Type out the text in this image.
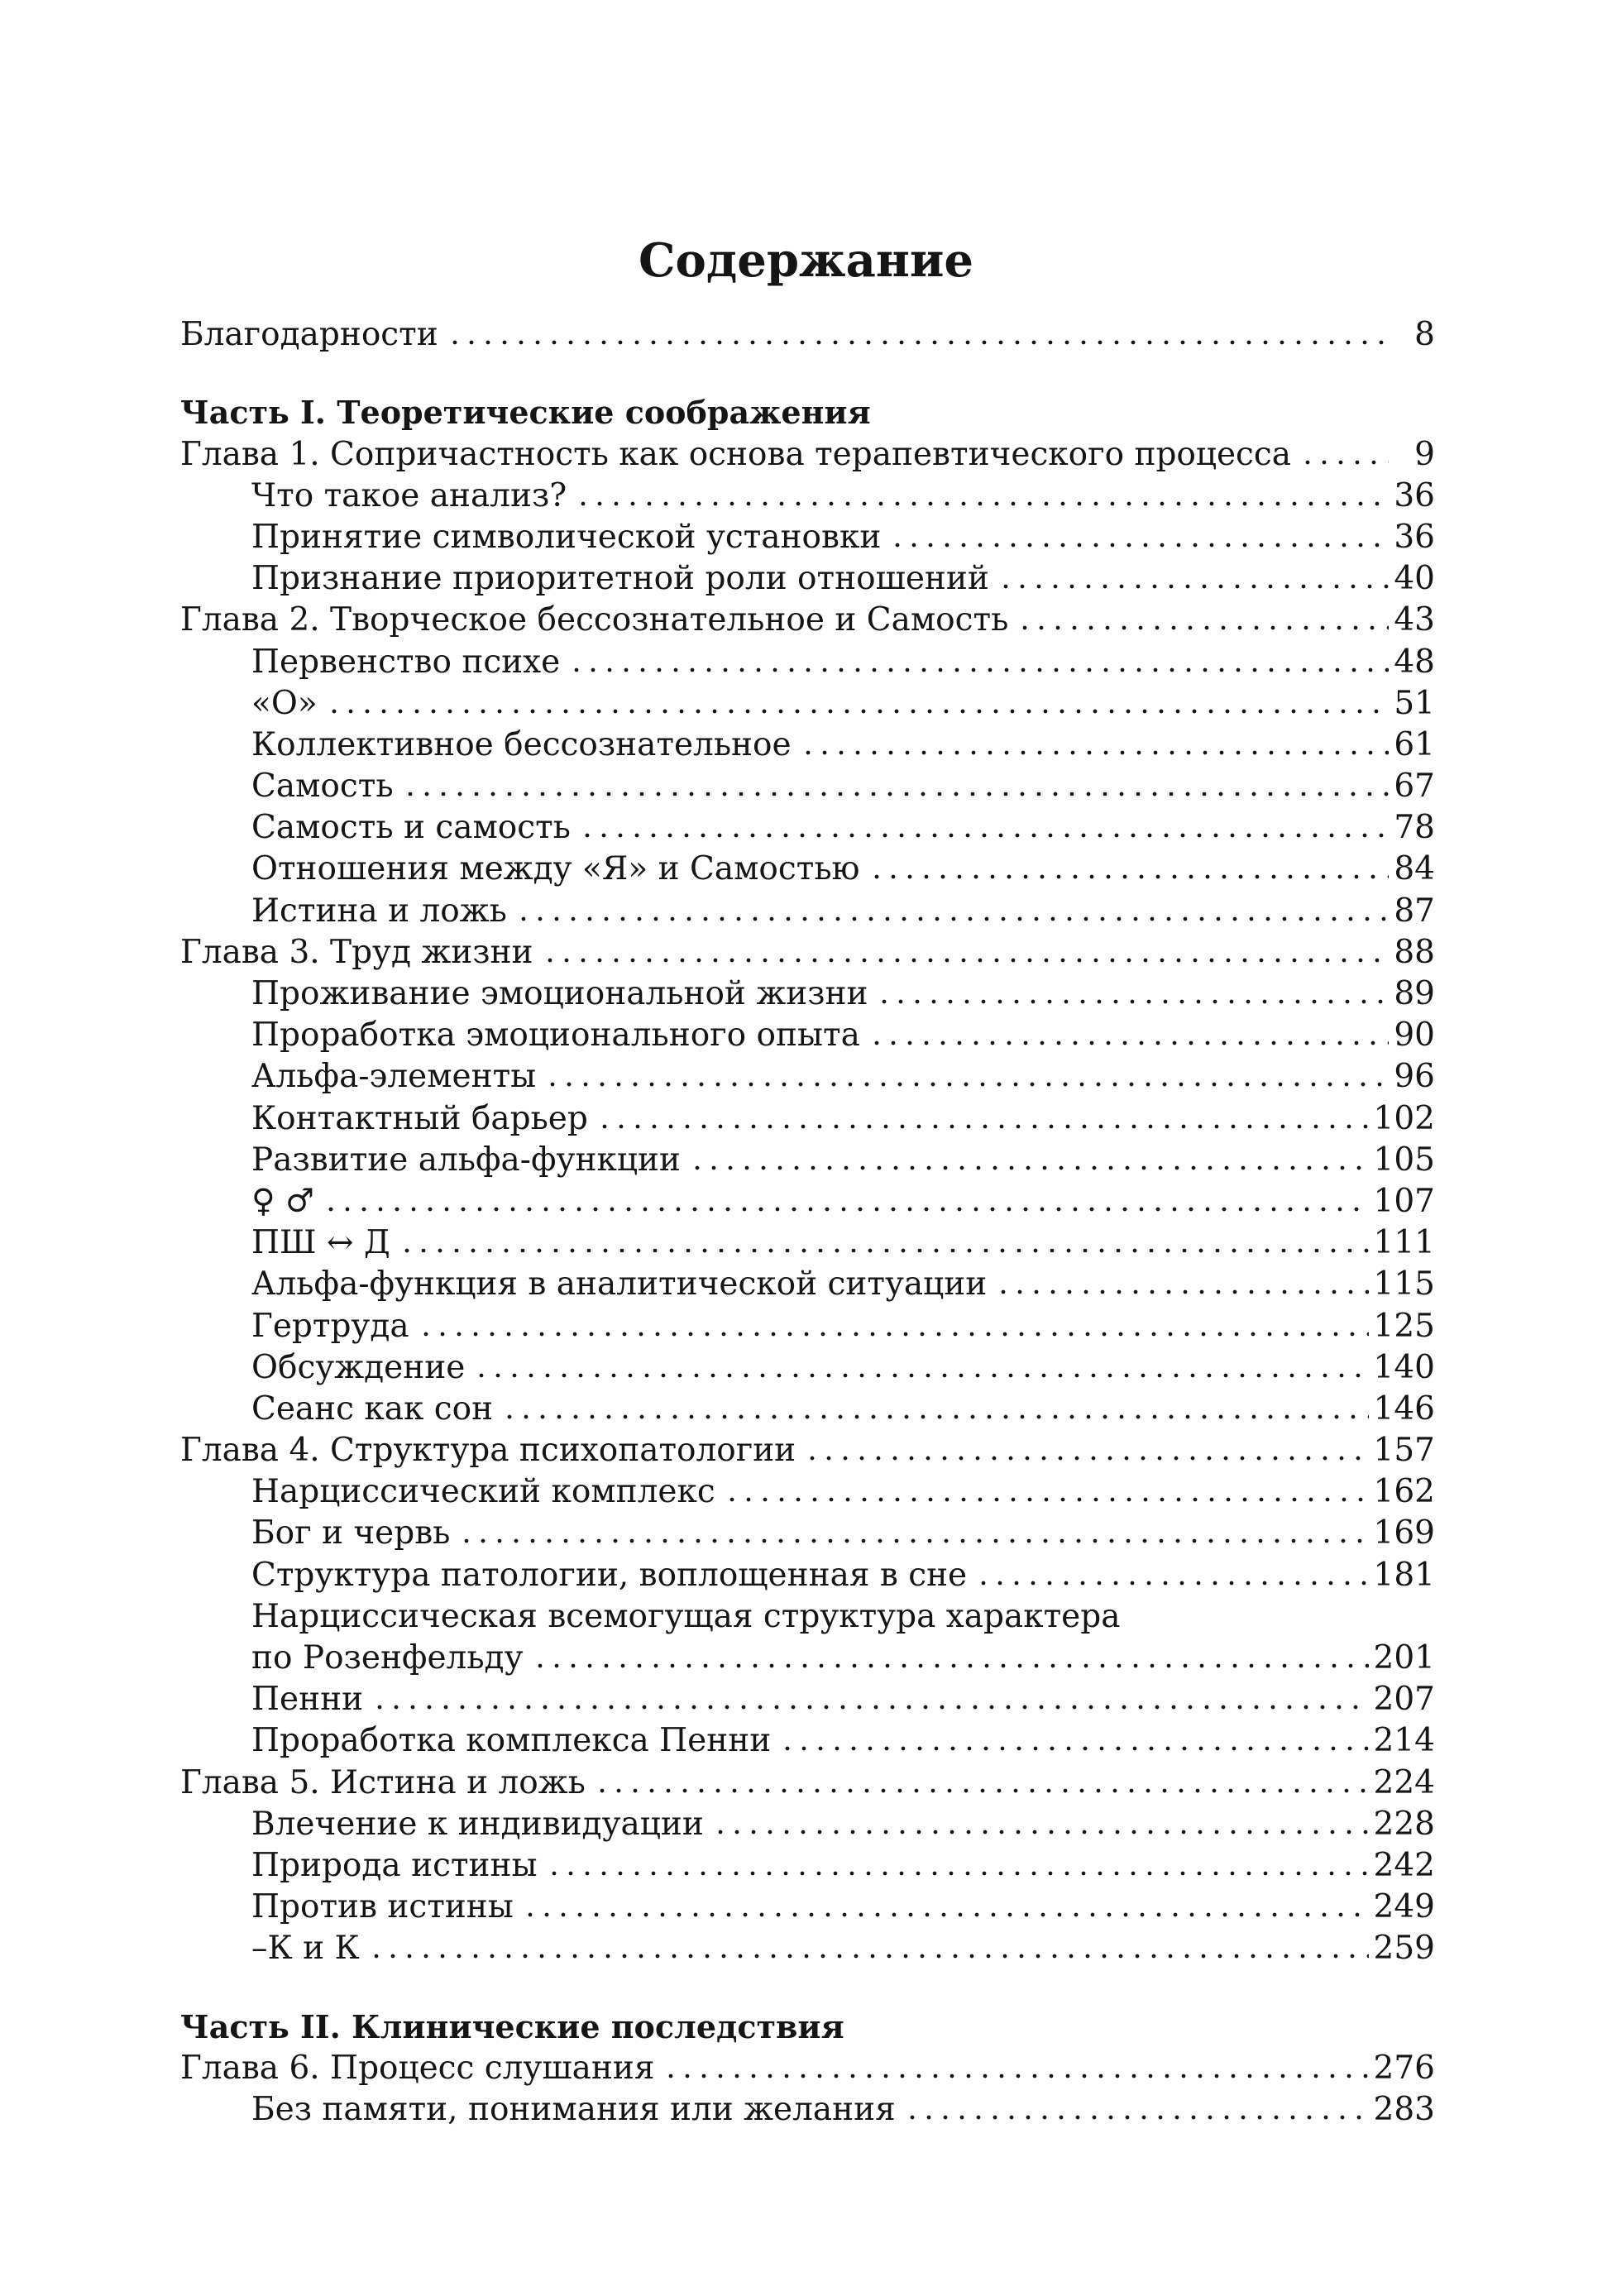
Содержание
Благодарности	8
Часть I. Теоретические соображения
Глава 1. Сопричастность как основа терапевтического процесса	9
Что такое анализ?	36
Принятие символической установки	36
Признание приоритетной роли отношений	40
Глава 2. Творческое бессознательное и Самость	43
Первенство психе	48
«О»	51
Коллективное бессознательное	61
Самость	67
Самость и самость	78
Отношения между «Я» и Самостью	84
Истина и ложь	87
Глава 3. Труд жизни	88
Проживание эмоциональной жизни	89
Проработка эмоционального опыта	90
Альфа-элементы	96
Контактный барьер	102
Развитие альфа-функции	105
♀ ♂	107
ПШ ↔ Д	111
Альфа-функция в аналитической ситуации	115
Гертруда	125
Обсуждение	140
Сеанс как сон	146
Глава 4. Структура психопатологии	157
Нарциссический комплекс	162
Бог и червь	169
Структура патологии, воплощенная в сне	181
Нарциссическая всемогущая структура характера
по Розенфельду	201
Пенни	207
Проработка комплекса Пенни	214
Глава 5. Истина и ложь	224
Влечение к индивидуации	228
Природа истины	242
Против истины	249
–К и К	259
Часть II. Клинические последствия
Глава 6. Процесс слушания	276
Без памяти, понимания или желания	283
